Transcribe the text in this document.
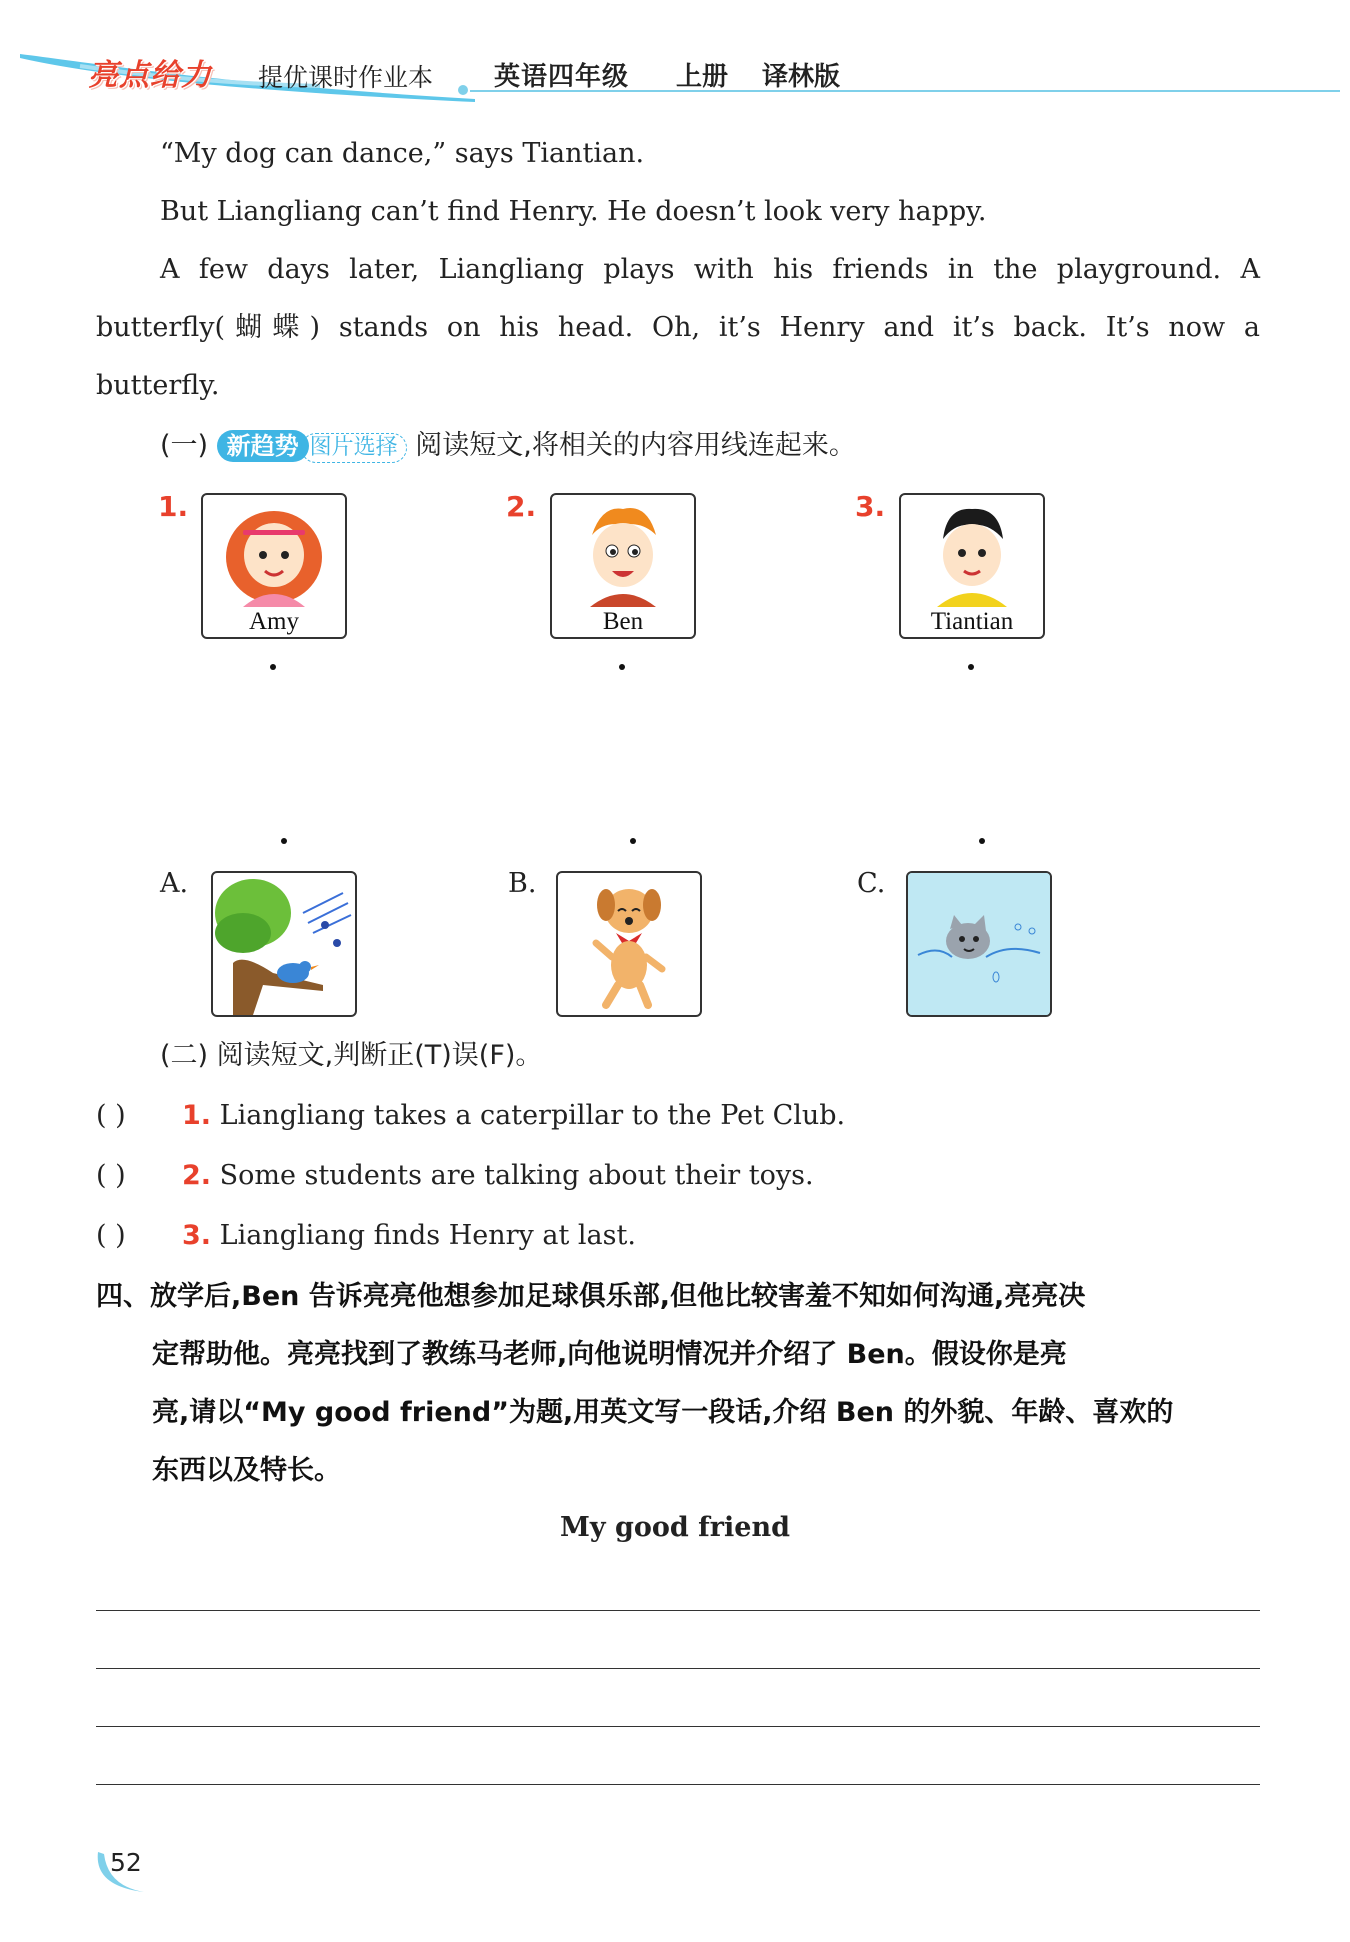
亮点给力 提优课时作业本 英语四年级 上册 译林版
“My dog can dance,” says Tiantian.
But Liangliang can’t find Henry. He doesn’t look very happy.
A few days later, Liangliang plays with his friends in the playground. A
butterfly(蝴蝶) stands on his head. Oh, it’s Henry and it’s back. It’s now a
butterfly.
(一) 新趋势 图片选择 阅读短文,将相关的内容用线连起来。
1.
Amy
2.
Ben
3.
Tiantian
A.	B.	C.
(二) 阅读短文,判断正(T)误(F)。
( ) 1. Liangliang takes a caterpillar to the Pet Club.
( ) 2. Some students are talking about their toys.
( ) 3. Liangliang finds Henry at last.
四、放学后,Ben 告诉亮亮他想参加足球俱乐部,但他比较害羞不知如何沟通,亮亮决
定帮助他。亮亮找到了教练马老师,向他说明情况并介绍了 Ben。假设你是亮
亮,请以“My good friend”为题,用英文写一段话,介绍 Ben 的外貌、年龄、喜欢的
东西以及特长。
My good friend
52
